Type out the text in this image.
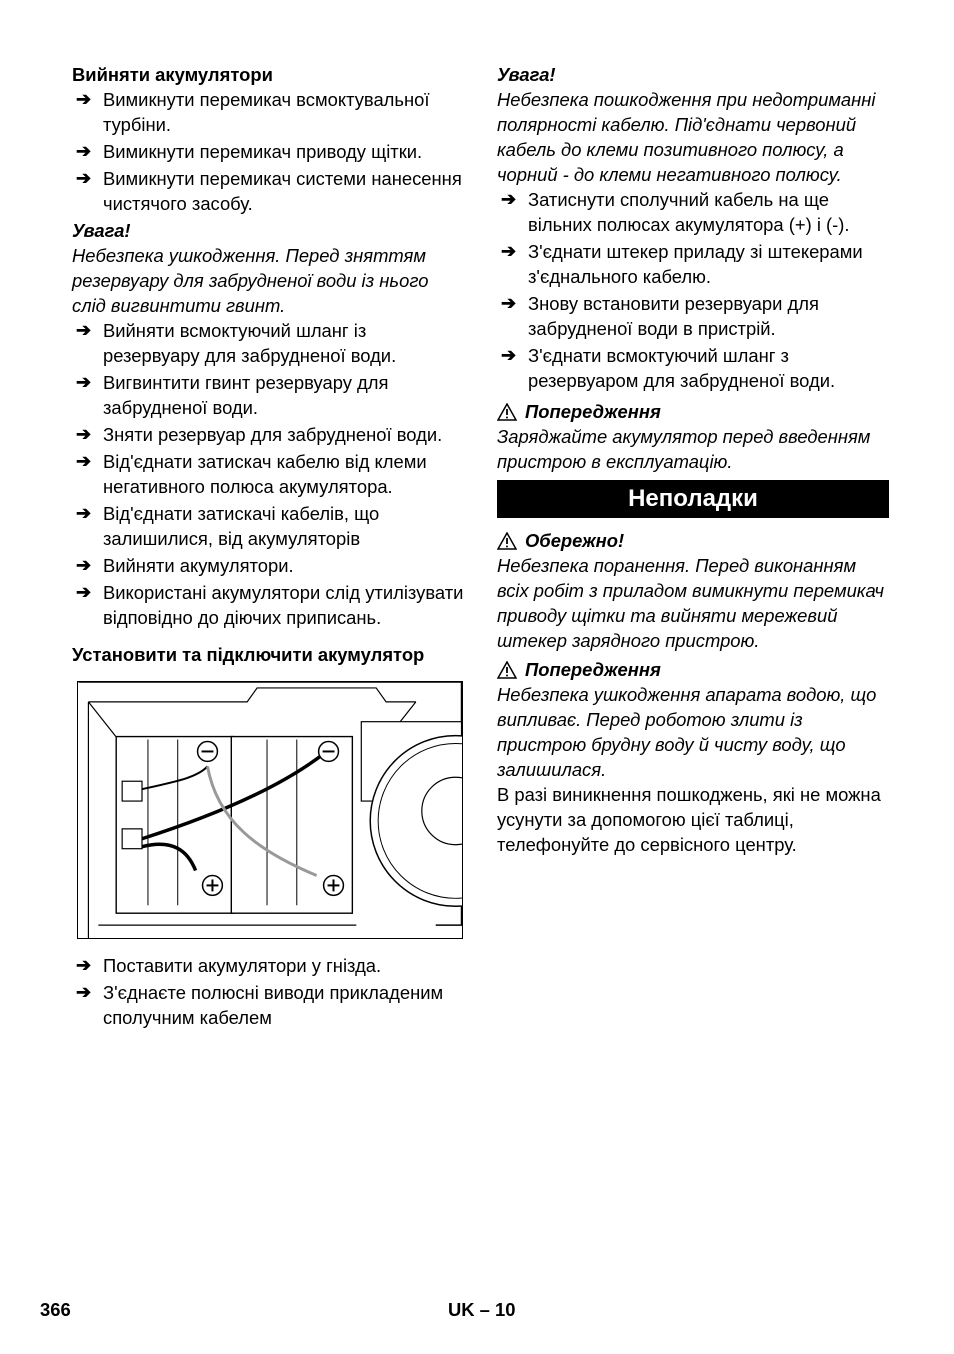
Вийняти акумулятори
➔ Вимикнути перемикач всмоктувальної турбіни.
➔ Вимикнути перемикач приводу щітки.
➔ Вимикнути перемикач системи нанесення чистячого засобу.

Увага!

Небезпека ушкодження. Перед зняттям резервуару для забрудненої води із нього слід вигвинтити гвинт.

➔ Вийняти всмоктуючий шланг із резервуару для забрудненої води.
➔ Вигвинтити гвинт резервуару для забрудненої води.
➔ Зняти резервуар для забрудненої води.
➔ Від'єднати затискач кабелю від клеми негативного полюса акумулятора.
➔ Від'єднати затискачі кабелів, що залишилися, від акумуляторів
➔ Вийняти акумулятори.
➔ Використані акумулятори слід утилізувати відповідно до діючих приписань.
Установити та підключити акумулятор
➔ Поставити акумулятори у гнізда.
➔ З'єднаєте полюсні виводи прикладеним сполучним кабелем

Увага!

Небезпека пошкодження при недотриманні полярності кабелю. Під'єднати червоний кабель до клеми позитивного полюсу, а чорний - до клеми негативного полюсу.

➔ Затиснути сполучний кабель на ще вільних полюсах акумулятора (+) і (-).
➔ З'єднати штекер приладу зі штекерами з'єднального кабелю.
➔ Знову встановити резервуари для забрудненої води в пристрій.
➔ З'єднати всмоктуючий шланг з резервуаром для забрудненої води.
Попередження

Заряджайте акумулятор перед введенням пристрою в експлуатацію.

Неполадки
Обережно!

Небезпека поранення. Перед виконанням всіх робіт з приладом вимикнути перемикач приводу щітки та вийняти мережевий штекер зарядного пристрою.

Попередження

Небезпека ушкодження апарата водою, що випливає. Перед роботою злити із пристрою брудну воду й чисту воду, що залишилася.

В разі виникнення пошкоджень, які не можна усунути за допомогою цієї таблиці, телефонуйте до сервісного центру.

366	UK – 10
